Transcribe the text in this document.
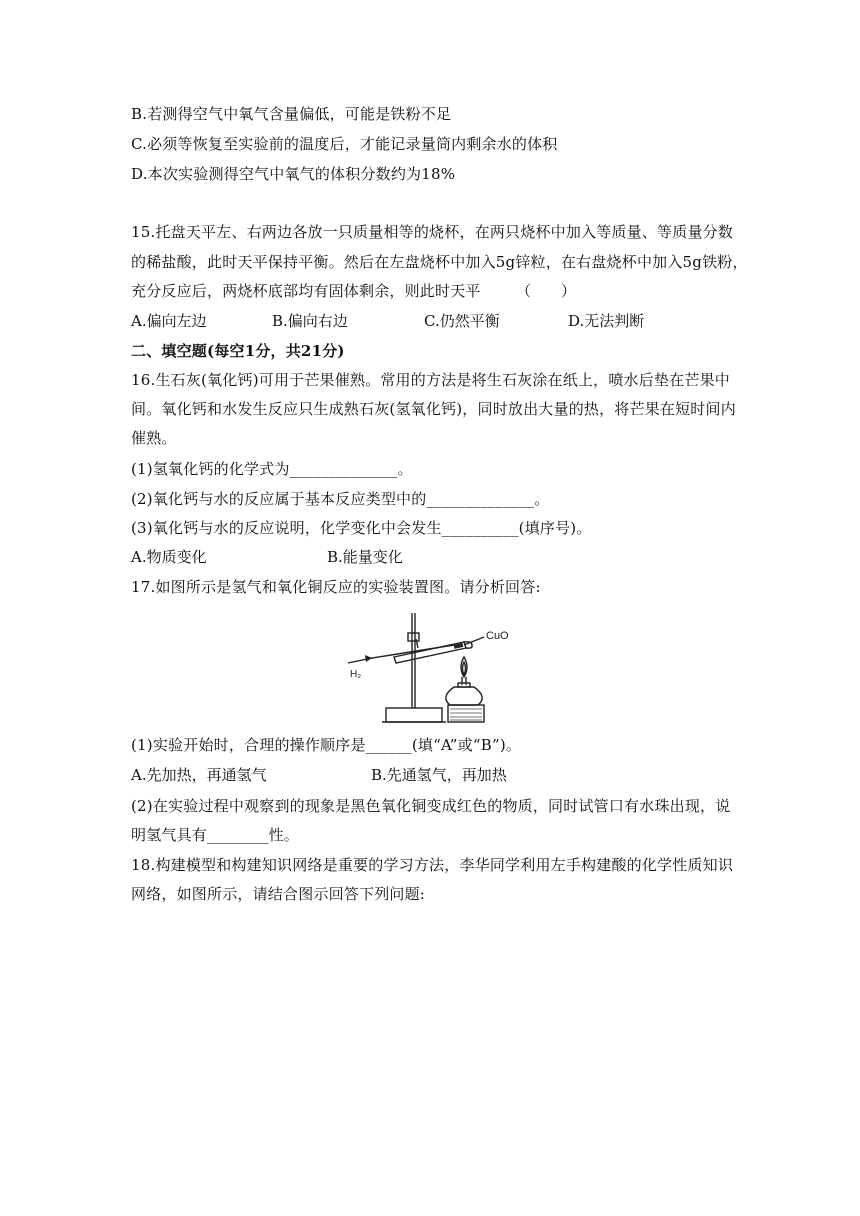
B.若测得空气中氧气含量偏低，可能是铁粉不足
C.必须等恢复至实验前的温度后，才能记录量筒内剩余水的体积
D.本次实验测得空气中氧气的体积分数约为18%
15.托盘天平左、右两边各放一只质量相等的烧杯，在两只烧杯中加入等质量、等质量分数
的稀盐酸，此时天平保持平衡。然后在左盘烧杯中加入5g锌粒，在右盘烧杯中加入5g铁粉，
充分反应后，两烧杯底部均有固体剩余，则此时天平 （　　）
A.偏向左边	B.偏向右边	C.仍然平衡	D.无法判断
二、填空题(每空1分，共21分)
16.生石灰(氧化钙)可用于芒果催熟。常用的方法是将生石灰涂在纸上，喷水后垫在芒果中
间。氧化钙和水发生反应只生成熟石灰(氢氧化钙)，同时放出大量的热，将芒果在短时间内
催熟。
(1)氢氧化钙的化学式为______________。
(2)氧化钙与水的反应属于基本反应类型中的______________。
(3)氧化钙与水的反应说明，化学变化中会发生__________(填序号)。
A.物质变化	B.能量变化
17.如图所示是氢气和氧化铜反应的实验装置图。请分析回答:
CuO
H₂
(1)实验开始时，合理的操作顺序是______(填“A”或“B”)。
A.先加热，再通氢气	B.先通氢气，再加热
(2)在实验过程中观察到的现象是黑色氧化铜变成红色的物质，同时试管口有水珠出现，说
明氢气具有________性。
18.构建模型和构建知识网络是重要的学习方法，李华同学利用左手构建酸的化学性质知识
网络，如图所示，请结合图示回答下列问题:
